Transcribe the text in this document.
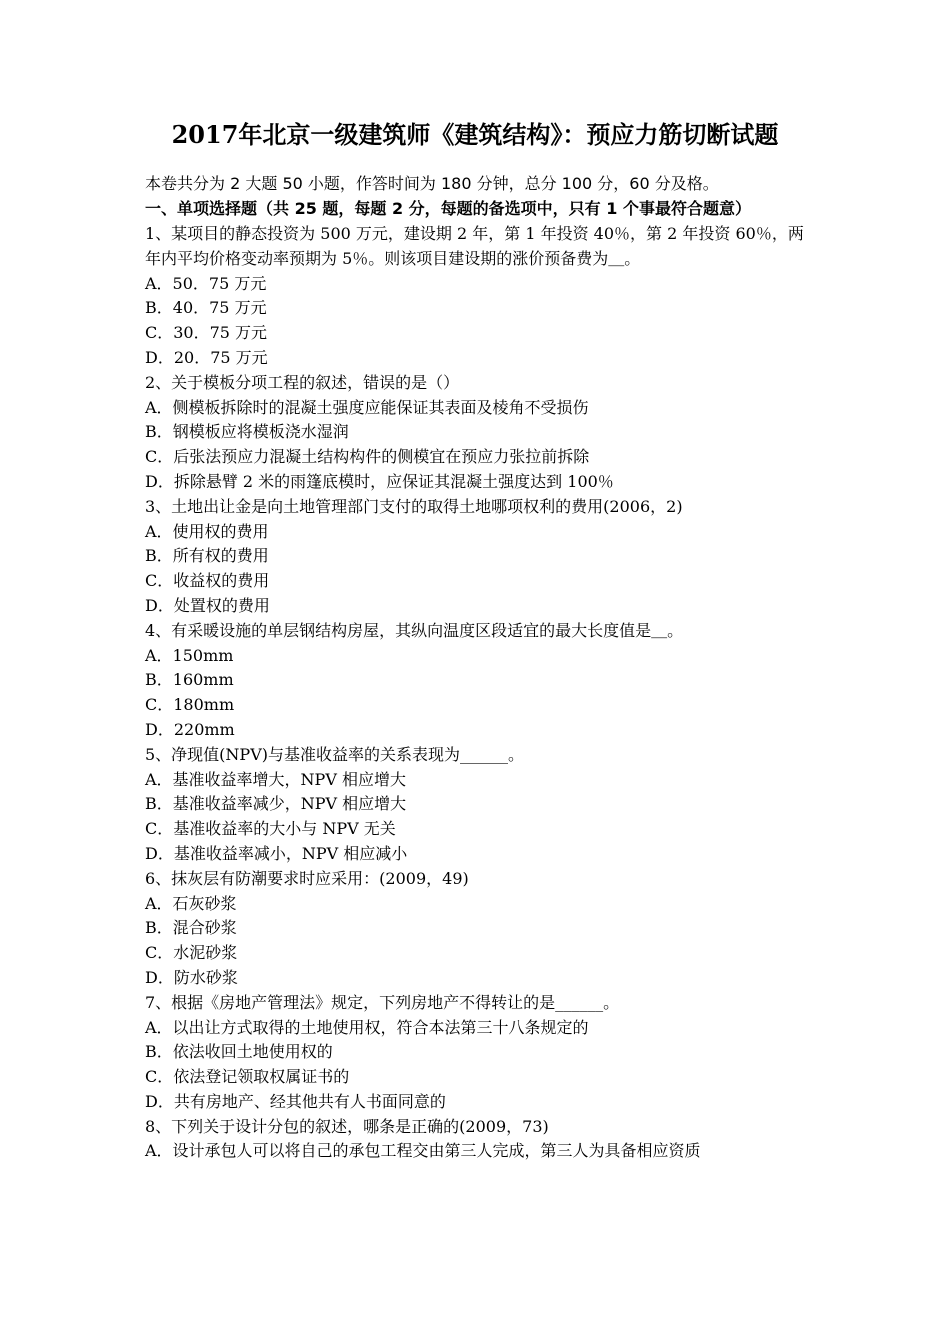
2017年北京一级建筑师《建筑结构》：预应力筋切断试题
本卷共分为 2 大题 50 小题，作答时间为 180 分钟，总分 100 分，60 分及格。
一、单项选择题（共 25 题，每题 2 分，每题的备选项中，只有 1 个事最符合题意）
1、某项目的静态投资为 500 万元，建设期 2 年，第 1 年投资 40％，第 2 年投资 60％，两年内平均价格变动率预期为 5％。则该项目建设期的涨价预备费为＿。
A．50．75 万元
B．40．75 万元
C．30．75 万元
D．20．75 万元
2、关于模板分项工程的叙述，错误的是（）
A．侧模板拆除时的混凝土强度应能保证其表面及棱角不受损伤
B．钢模板应将模板浇水湿润
C．后张法预应力混凝土结构构件的侧模宜在预应力张拉前拆除
D．拆除悬臂 2 米的雨篷底模时，应保证其混凝土强度达到 100％
3、土地出让金是向土地管理部门支付的取得土地哪项权利的费用(2006，2)
A．使用权的费用
B．所有权的费用
C．收益权的费用
D．处置权的费用
4、有采暖设施的单层钢结构房屋，其纵向温度区段适宜的最大长度值是＿。
A．150mm
B．160mm
C．180mm
D．220mm
5、净现值(NPV)与基准收益率的关系表现为______。
A．基准收益率增大，NPV 相应增大
B．基准收益率减少，NPV 相应增大
C．基准收益率的大小与 NPV 无关
D．基准收益率减小，NPV 相应减小
6、抹灰层有防潮要求时应采用：(2009，49)
A．石灰砂浆
B．混合砂浆
C．水泥砂浆
D．防水砂浆
7、根据《房地产管理法》规定，下列房地产不得转让的是______。
A．以出让方式取得的土地使用权，符合本法第三十八条规定的
B．依法收回土地使用权的
C．依法登记领取权属证书的
D．共有房地产、经其他共有人书面同意的
8、下列关于设计分包的叙述，哪条是正确的(2009，73)
A．设计承包人可以将自己的承包工程交由第三人完成，第三人为具备相应资质
